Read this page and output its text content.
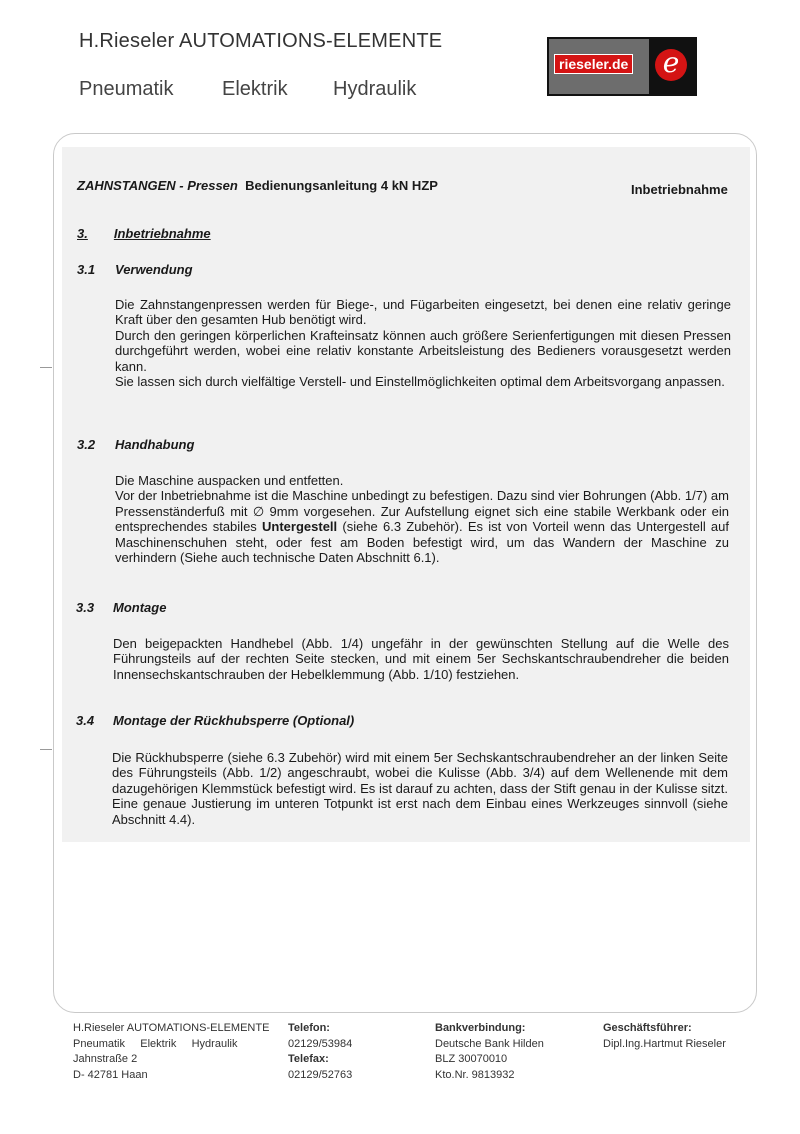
H.Rieseler AUTOMATIONS-ELEMENTE
Pneumatik Elektrik Hydraulik
rieseler.de e
ZAHNSTANGEN - Pressen Bedienungsanleitung 4 kN HZP	Inbetriebnahme
3. Inbetriebnahme
3.1 Verwendung

Die Zahnstangenpressen werden für Biege-, und Fügarbeiten eingesetzt, bei denen eine relativ geringe Kraft über den gesamten Hub benötigt wird.

Durch den geringen körperlichen Krafteinsatz können auch größere Serienfertigungen mit diesen Pressen durchgeführt werden, wobei eine relativ konstante Arbeitsleistung des Bedieners vorausgesetzt werden kann.

Sie lassen sich durch vielfältige Verstell- und Einstellmöglichkeiten optimal dem Arbeitsvorgang anpassen.

3.2 Handhabung

Die Maschine auspacken und entfetten.

Vor der Inbetriebnahme ist die Maschine unbedingt zu befestigen. Dazu sind vier Bohrungen (Abb. 1/7) am Pressenständerfuß mit ∅ 9mm vorgesehen. Zur Aufstellung eignet sich eine stabile Werkbank oder ein entsprechendes stabiles Untergestell (siehe 6.3 Zubehör). Es ist von Vorteil wenn das Untergestell auf Maschinenschuhen steht, oder fest am Boden befestigt wird, um das Wandern der Maschine zu verhindern (Siehe auch technische Daten Abschnitt 6.1).

3.3 Montage

Den beigepackten Handhebel (Abb. 1/4) ungefähr in der gewünschten Stellung auf die Welle des Führungsteils auf der rechten Seite stecken, und mit einem 5er Sechskantschraubendreher die beiden Innensechskantschrauben der Hebelklemmung (Abb. 1/10) festziehen.

3.4 Montage der Rückhubsperre (Optional)

Die Rückhubsperre (siehe 6.3 Zubehör) wird mit einem 5er Sechskantschraubendreher an der linken Seite des Führungsteils (Abb. 1/2) angeschraubt, wobei die Kulisse (Abb. 3/4) auf dem Wellenende mit dem dazugehörigen Klemmstück befestigt wird. Es ist darauf zu achten, dass der Stift genau in der Kulisse sitzt. Eine genaue Justierung im unteren Totpunkt ist erst nach dem Einbau eines Werkzeuges sinnvoll (siehe Abschnitt 4.4).

H.Rieseler AUTOMATIONS-ELEMENTE
Pneumatik Elektrik Hydraulik
Jahnstraße 2
D- 42781 Haan
Telefon:
02129/53984
Telefax:
02129/52763
Bankverbindung:
Deutsche Bank Hilden
BLZ 30070010
Kto.Nr. 9813932
Geschäftsführer:
Dipl.Ing.Hartmut Rieseler
